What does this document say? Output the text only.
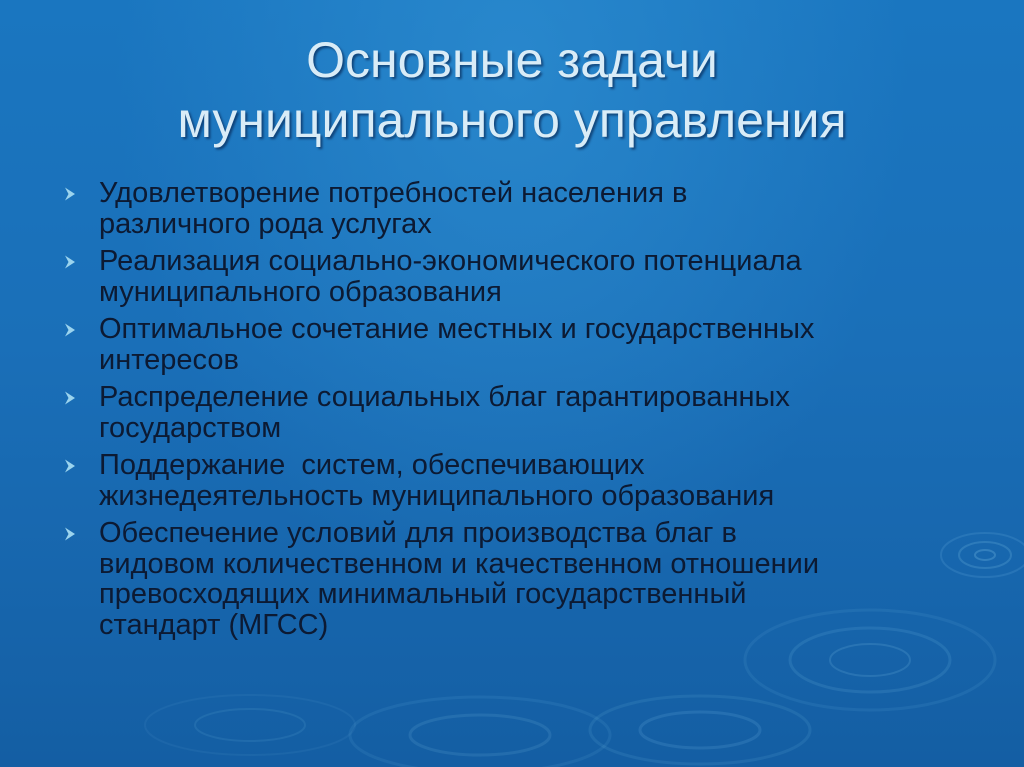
Основные задачи
муниципального управления
Удовлетворение потребностей населения в
различного рода услугах
Реализация социально-экономического потенциала
муниципального образования
Оптимальное сочетание местных и государственных
интересов
Распределение социальных благ гарантированных
государством
Поддержание  систем, обеспечивающих
жизнедеятельность муниципального образования
Обеспечение условий для производства благ в
видовом количественном и качественном отношении
превосходящих минимальный государственный
стандарт (МГСС)
